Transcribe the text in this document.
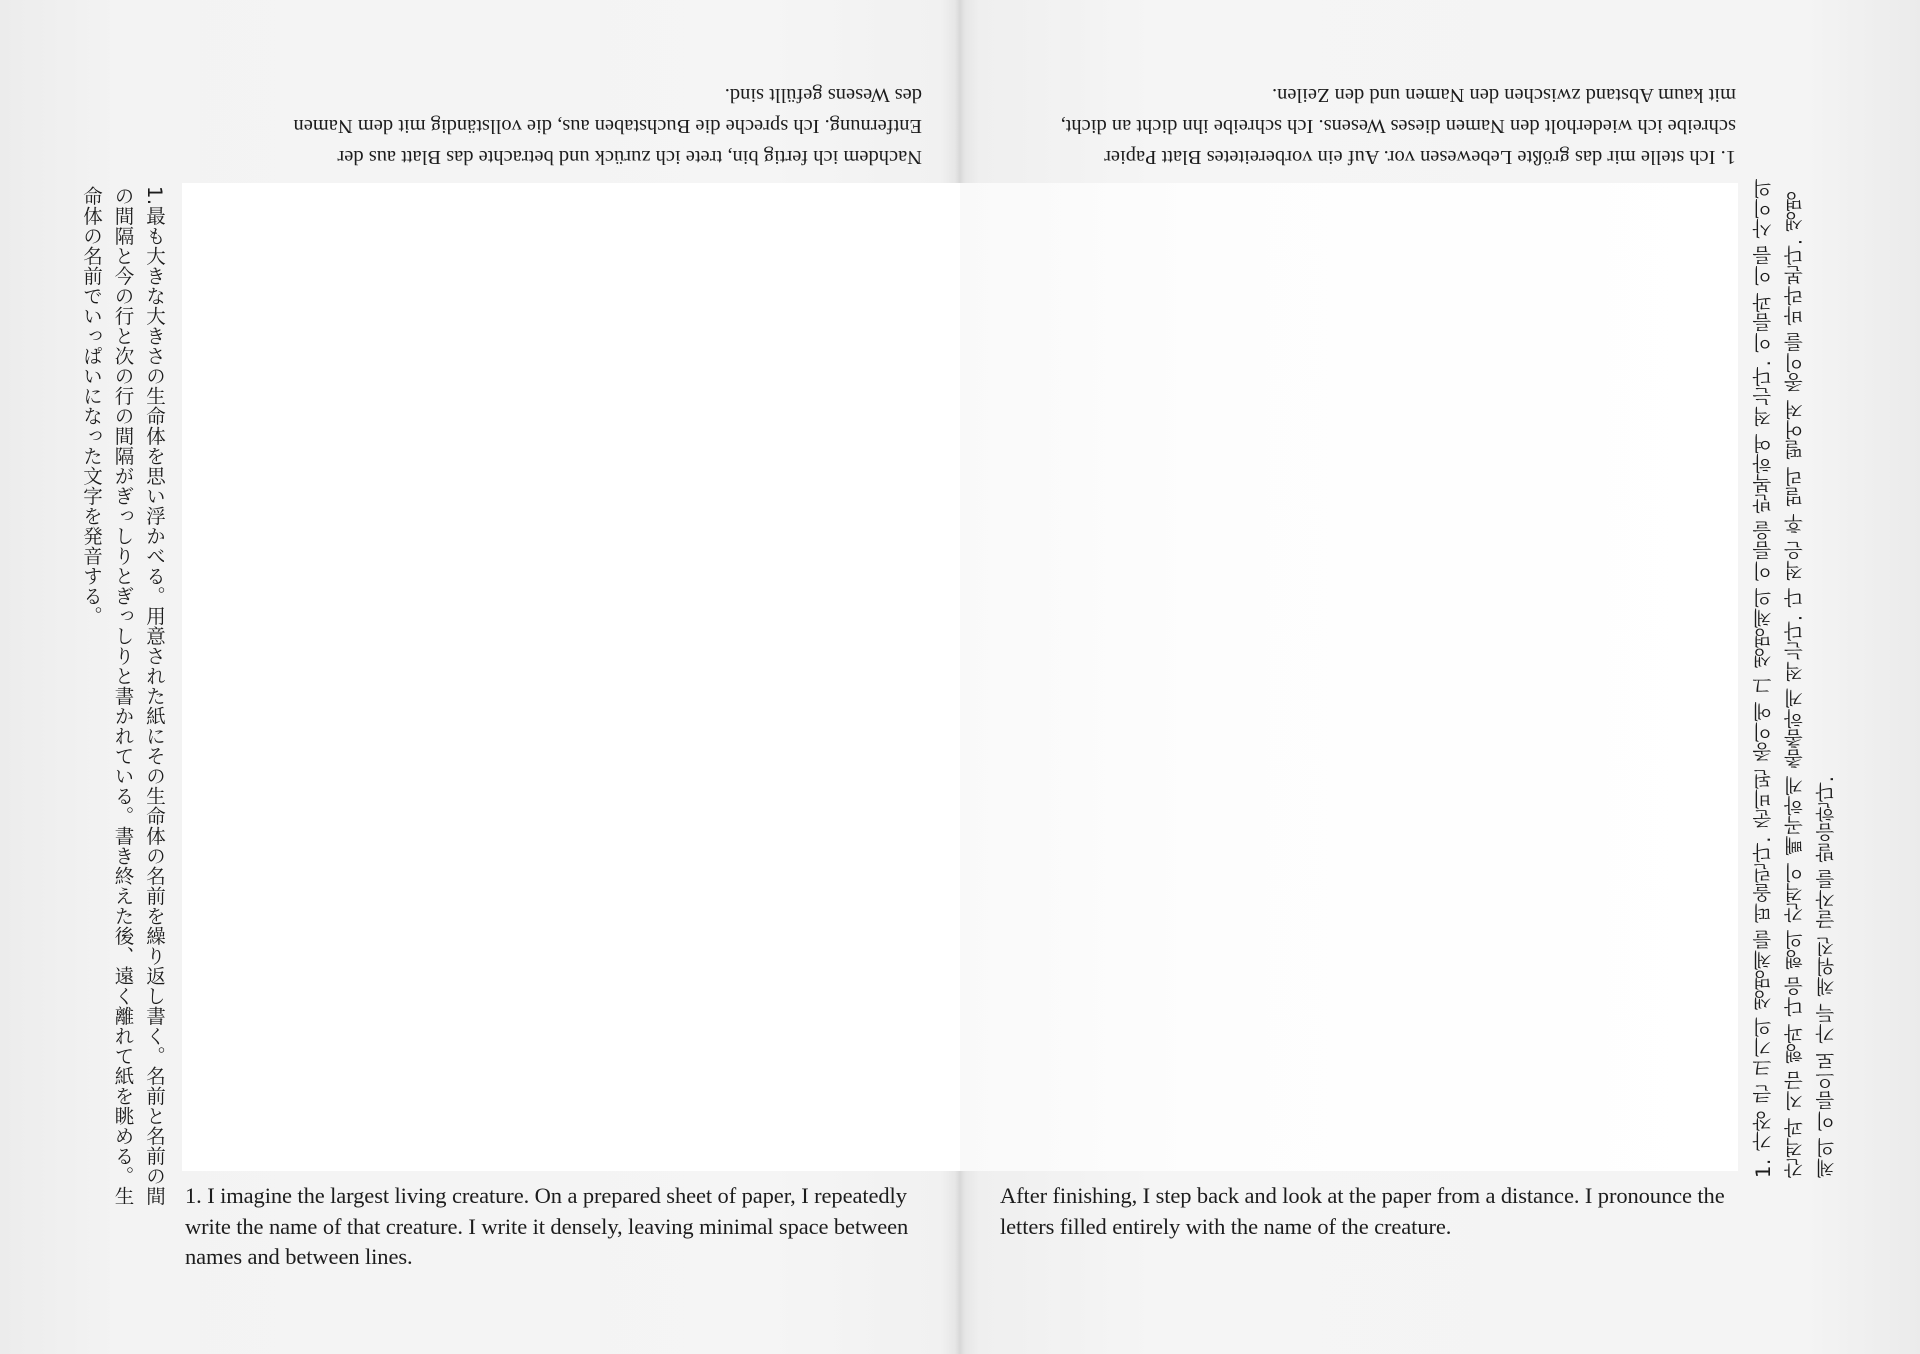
Nachdem ich fertig bin, trete ich zurück und betrachte das Blatt aus der Entfernung. Ich spreche die Buchstaben aus, die vollständig mit dem Namen des Wesens gefüllt sind.

1.最も大きな大きさの生命体を思い浮かべる。用意された紙にその生命体の名前を繰り返し書く。名前と名前の間の間隔と今の行と次の行の間隔がぎっしりとぎっしりと書かれている。書き終えた後、遠く離れて紙を眺める。生命体の名前でいっぱいになった文字を発音する。

1. I imagine the largest living creature. On a prepared sheet of paper, I repeatedly write the name of that creature. I write it densely, leaving minimal space between names and between lines.

1. Ich stelle mir das größte Lebewesen vor. Auf ein vorbereitetes Blatt Papier schreibe ich wiederholt den Namen dieses Wesens. Ich schreibe ihn dicht an dicht, mit kaum Abstand zwischen den Namen und den Zeilen.

1. 가장 큰 크기의 생명체를 떠올린다. 준비된 종이에 그 생명체의 이름을 반복하여 적는다. 이름과 이름 사이의 간격과 지금 행과 다음 행의 간격이 빼곡하게 촘촘하게 적는다. 다 적은 후 멀리 떨어져 종이를 바라본다. 생명체의 이름으로 가득 채워진 글자를 발음한다.

After finishing, I step back and look at the paper from a distance. I pronounce the letters filled entirely with the name of the creature.
